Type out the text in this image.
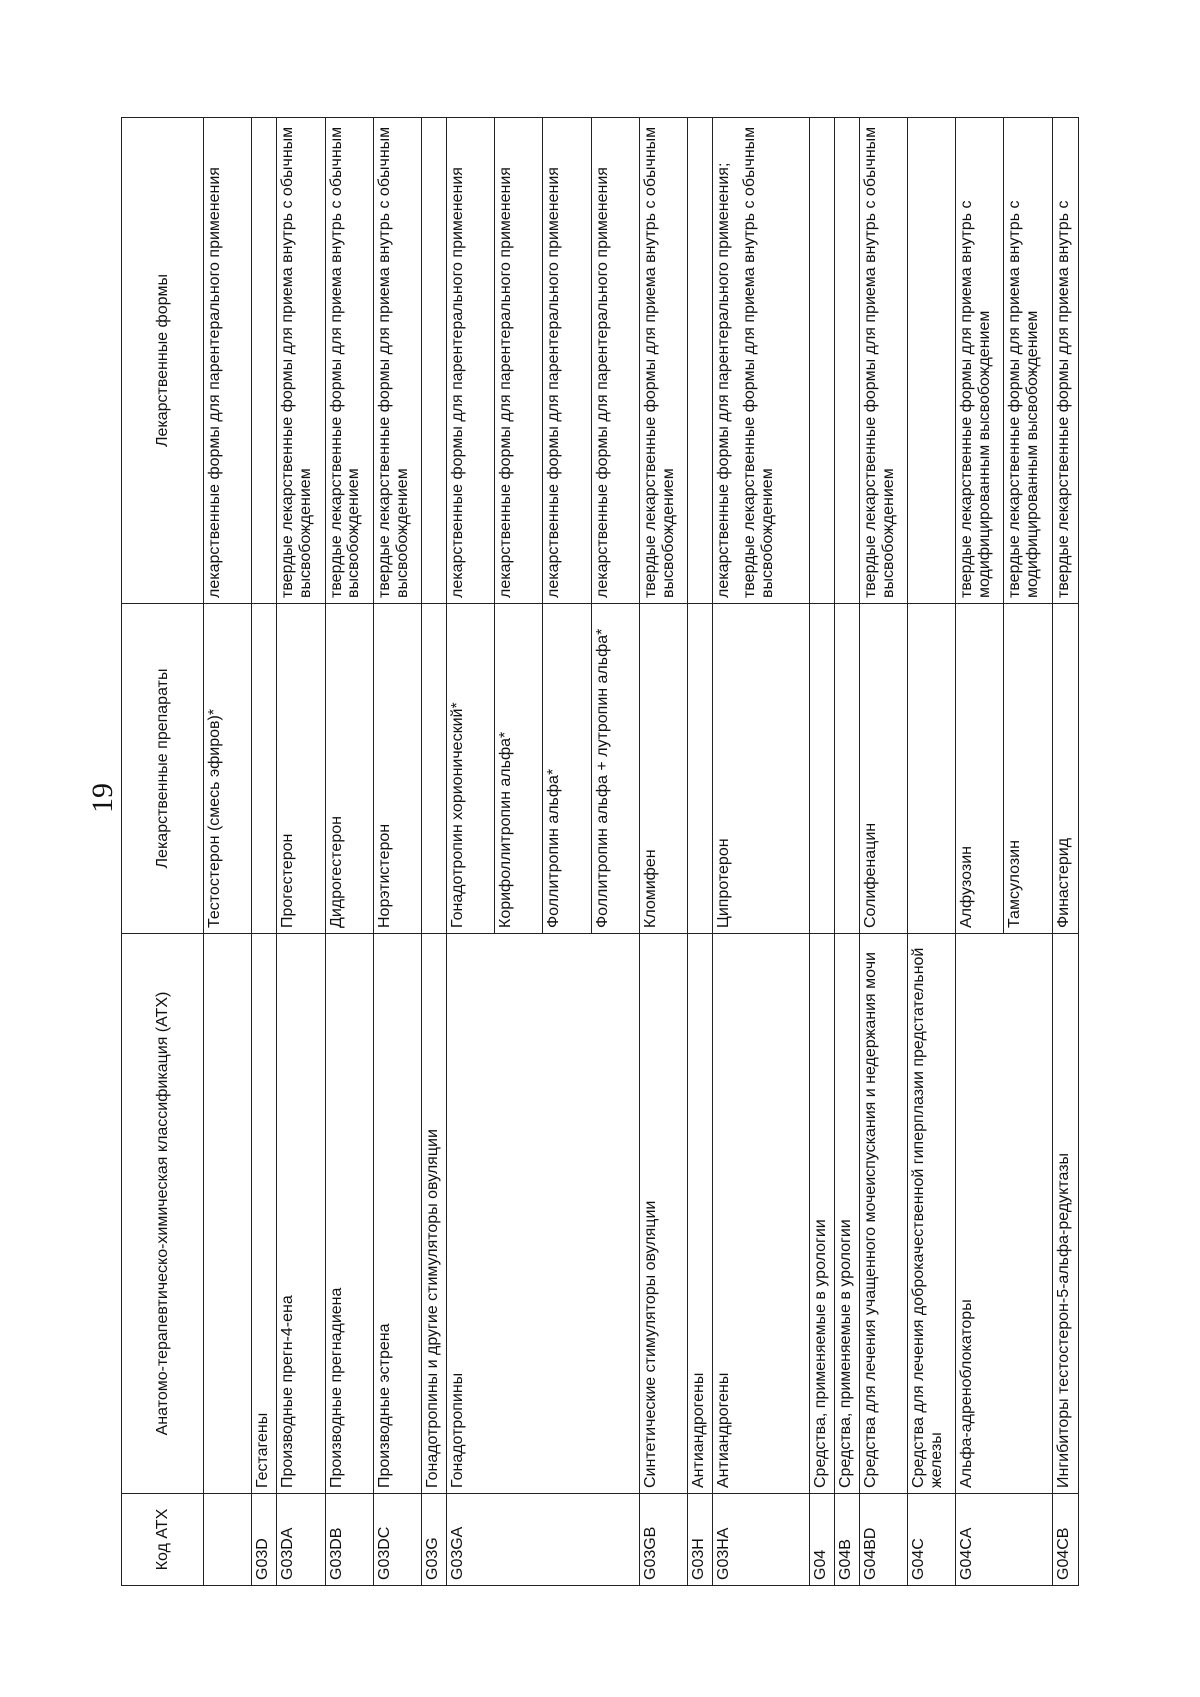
19
Код АТХ	Анатомо-терапевтическо-химическая классификация (АТХ)	Лекарственные препараты	Лекарственные формы
		Тестостерон (смесь эфиров)*	лекарственные формы для парентерального применения
G03D	Гестагены		
G03DA	Производные прегн-4-ена	Прогестерон	твердые лекарственные формы для приема внутрь с обычным высвобождением
G03DB	Производные прегнадиена	Дидрогестерон	твердые лекарственные формы для приема внутрь с обычным высвобождением
G03DC	Производные эстрена	Норэтистерон	твердые лекарственные формы для приема внутрь с обычным высвобождением
G03G	Гонадотропины и другие стимуляторы овуляции		
G03GA	Гонадотропины	Гонадотропин хорионический*	лекарственные формы для парентерального применения
		Корифоллитропин альфа*	лекарственные формы для парентерального применения
		Фоллитропин альфа*	лекарственные формы для парентерального применения
		Фоллитропин альфа + лутропин альфа*	лекарственные формы для парентерального применения
G03GB	Синтетические стимуляторы овуляции	Кломифен	твердые лекарственные формы для приема внутрь с обычным высвобождением
G03H	Антиандрогены		
G03HA	Антиандрогены	Ципротерон	лекарственные формы для парентерального применения; твердые лекарственные формы для приема внутрь с обычным высвобождением

G04	Средства, применяемые в урологии		
G04B	Средства, применяемые в урологии		
G04BD	Средства для лечения учащенного мочеиспускания и недержания мочи	Солифенацин	твердые лекарственные формы для приема внутрь с обычным высвобождением
G04C	Средства для лечения доброкачественной гиперплазии предстательной железы		
G04CA	Альфа-адреноблокаторы	Алфузозин	твердые лекарственные формы для приема внутрь с модифицированным высвобождением
		Тамсулозин	твердые лекарственные формы для приема внутрь с модифицированным высвобождением
G04CB	Ингибиторы тестостерон-5-альфа-редуктазы	Финастерид	твердые лекарственные формы для приема внутрь с
